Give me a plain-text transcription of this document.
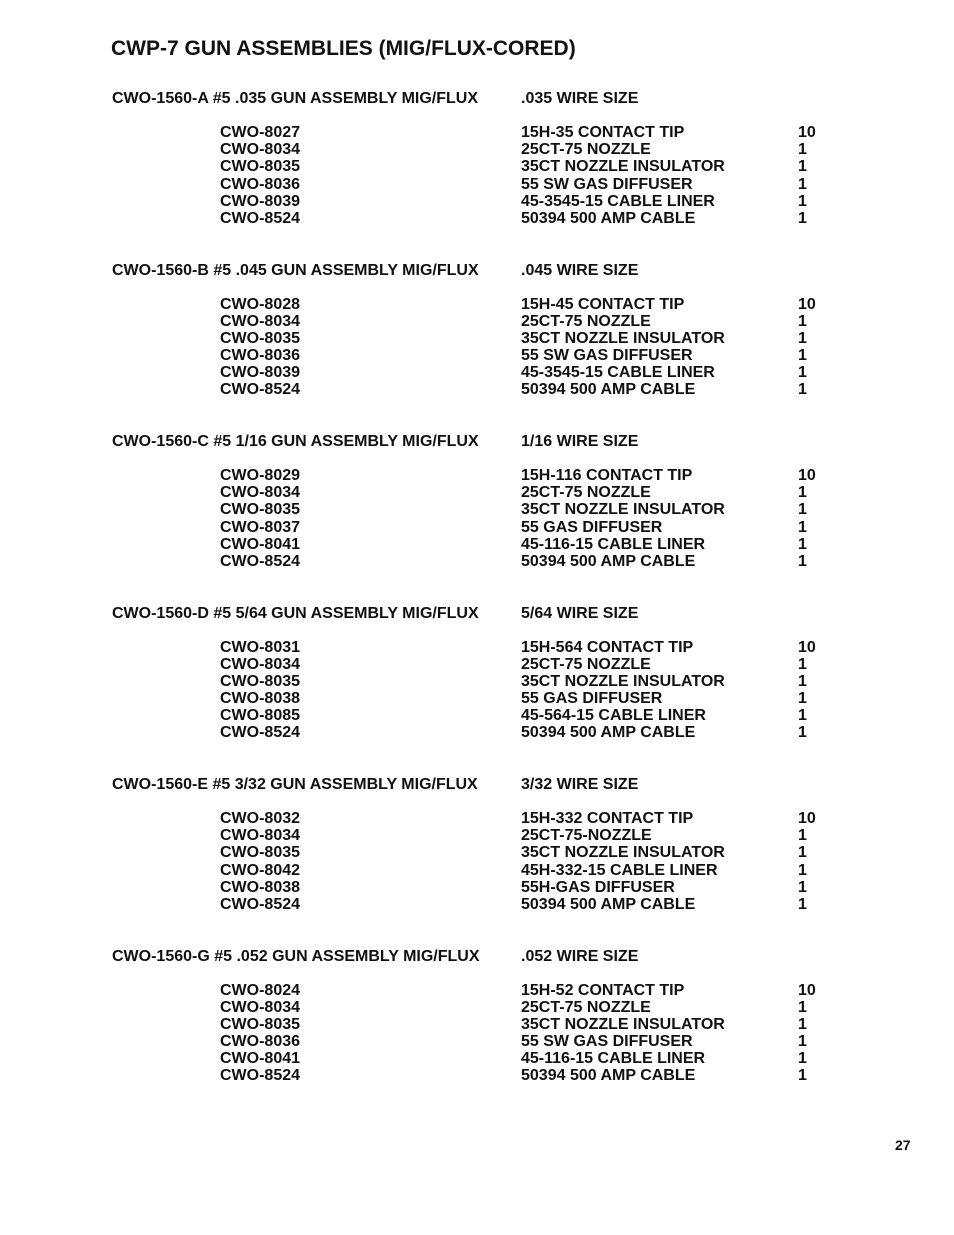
CWP-7 GUN ASSEMBLIES (MIG/FLUX-CORED)
CWO-1560-A #5 .035 GUN ASSEMBLY MIG/FLUX	.035 WIRE SIZE
CWO-8027	15H-35 CONTACT TIP	10
CWO-8034	25CT-75 NOZZLE	1
CWO-8035	35CT NOZZLE INSULATOR	1
CWO-8036	55 SW GAS DIFFUSER	1
CWO-8039	45-3545-15 CABLE LINER	1
CWO-8524	50394 500 AMP CABLE	1
CWO-1560-B #5 .045 GUN ASSEMBLY MIG/FLUX	.045 WIRE SIZE
CWO-8028	15H-45 CONTACT TIP	10
CWO-8034	25CT-75 NOZZLE	1
CWO-8035	35CT NOZZLE INSULATOR	1
CWO-8036	55 SW GAS DIFFUSER	1
CWO-8039	45-3545-15 CABLE LINER	1
CWO-8524	50394 500 AMP CABLE	1
CWO-1560-C #5 1/16 GUN ASSEMBLY MIG/FLUX	1/16 WIRE SIZE
CWO-8029	15H-116 CONTACT TIP	10
CWO-8034	25CT-75 NOZZLE	1
CWO-8035	35CT NOZZLE INSULATOR	1
CWO-8037	55 GAS DIFFUSER	1
CWO-8041	45-116-15 CABLE LINER	1
CWO-8524	50394 500 AMP CABLE	1
CWO-1560-D #5 5/64 GUN ASSEMBLY MIG/FLUX	5/64 WIRE SIZE
CWO-8031	15H-564 CONTACT TIP	10
CWO-8034	25CT-75 NOZZLE	1
CWO-8035	35CT NOZZLE INSULATOR	1
CWO-8038	55 GAS DIFFUSER	1
CWO-8085	45-564-15 CABLE LINER	1
CWO-8524	50394 500 AMP CABLE	1
CWO-1560-E #5 3/32 GUN ASSEMBLY MIG/FLUX	3/32 WIRE SIZE
CWO-8032	15H-332 CONTACT TIP	10
CWO-8034	25CT-75-NOZZLE	1
CWO-8035	35CT NOZZLE INSULATOR	1
CWO-8042	45H-332-15 CABLE LINER	1
CWO-8038	55H-GAS DIFFUSER	1
CWO-8524	50394 500 AMP CABLE	1
CWO-1560-G #5 .052 GUN ASSEMBLY MIG/FLUX	.052 WIRE SIZE
CWO-8024	15H-52 CONTACT TIP	10
CWO-8034	25CT-75 NOZZLE	1
CWO-8035	35CT NOZZLE INSULATOR	1
CWO-8036	55 SW GAS DIFFUSER	1
CWO-8041	45-116-15 CABLE LINER	1
CWO-8524	50394 500 AMP CABLE	1
27
